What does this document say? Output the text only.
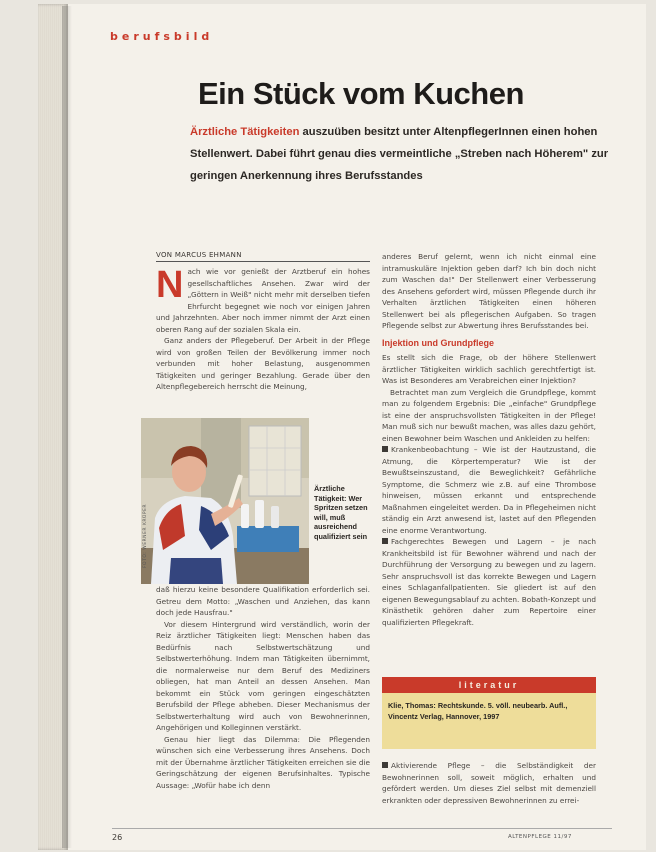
berufsbild
Ein Stück vom Kuchen
Ärztliche Tätigkeiten auszuüben besitzt unter AltenpflegerInnen einen hohen Stellenwert. Dabei führt genau dies vermeintliche „Streben nach Höherem" zur geringen Anerkennung ihres Berufsstandes
VON MARCUS EHMANN
N ach wie vor genießt der Arztberuf ein hohes gesellschaftliches Ansehen. Zwar wird der „Göttern in Weiß" nicht mehr mit derselben tiefen Ehrfurcht begegnet wie noch vor einigen Jahren und Jahrzehnten. Aber noch immer nimmt der Arzt einen oberen Rang auf der sozialen Skala ein.

Ganz anders der Pflegeberuf. Der Arbeit in der Pflege wird von großen Teilen der Bevölkerung immer noch verbunden mit hoher Belastung, ausgenommen Tätigkeiten und geringer Bezahlung. Gerade über den Altenpflegebereich herrscht die Meinung,

FOTO: WERNER KRÜPER
Ärztliche Tätigkeit: Wer Spritzen setzen will, muß ausreichend qualifiziert sein

daß hierzu keine besondere Qualifikation erforderlich sei. Getreu dem Motto: „Waschen und Anziehen, das kann doch jede Hausfrau."

Vor diesem Hintergrund wird verständlich, worin der Reiz ärztlicher Tätigkeiten liegt: Menschen haben das Bedürfnis nach Selbstwertschätzung und Selbstwerterhöhung. Indem man Tätigkeiten übernimmt, die normalerweise nur dem Beruf des Mediziners obliegen, hat man Anteil an dessen Ansehen. Man bekommt ein Stück vom geringen eingeschätzten Berufsbild der Pflege abheben. Dieser Mechanismus der Selbstwerterhaltung wird auch von Bewohnerinnen, Angehörigen und Kolleginnen verstärkt.

Genau hier liegt das Dilemma: Die Pflegenden wünschen sich eine Verbesserung ihres Ansehens. Doch mit der Übernahme ärztlicher Tätigkeiten erreichen sie die Geringschätzung der eigenen Berufsinhaltes. Typische Aussage: „Wofür habe ich denn

anderes Beruf gelernt, wenn ich nicht einmal eine intramuskuläre Injektion geben darf? Ich bin doch nicht zum Waschen da!" Der Stellenwert einer Verbesserung des Ansehens gefordert wird, müssen Pflegende durch ihr Verhalten ärztlichen Tätigkeiten einen höheren Stellenwert bei als pflegerischen Aufgaben. So tragen Pflegende selbst zur Abwertung ihres Berufsstandes bei.

Injektion und Grundpflege

Es stellt sich die Frage, ob der höhere Stellenwert ärztlicher Tätigkeiten wirklich sachlich gerechtfertigt ist. Was ist Besonderes am Verabreichen einer Injektion?

Betrachtet man zum Vergleich die Grundpflege, kommt man zu folgendem Ergebnis: Die „einfache" Grundpflege ist eine der anspruchsvollsten Tätigkeiten in der Pflege! Man muß sich nur bewußt machen, was alles dazu gehört, einen Bewohner beim Waschen und Ankleiden zu helfen:

Krankenbeobachtung – Wie ist der Hautzustand, die Atmung, die Körpertemperatur? Wie ist der Bewußtseinszustand, die Beweglichkeit? Gefährliche Symptome, die Schmerz wie z.B. auf eine Thrombose hinweisen, müssen erkannt und entsprechende Maßnahmen eingeleitet werden. Da in Pflegeheimen nicht ständig ein Arzt anwesend ist, lastet auf den Pflegenden eine enorme Verantwortung.

Fachgerechtes Bewegen und Lagern – je nach Krankheitsbild ist für Bewohner während und nach der Durchführung der Versorgung zu bewegen und zu lagern. Sehr anspruchsvoll ist das korrekte Bewegen und Lagern eines Schlaganfallpatienten. Sie gliedert ist auf den eigenen Bewegungsablauf zu achten. Bobath-Konzept und Kinästhetik gehören daher zum Repertoire einer qualifizierten Pflegekraft.

literatur
Klie, Thomas: Rechtskunde. 5. völl. neubearb. Aufl., Vincentz Verlag, Hannover, 1997

Aktivierende Pflege – die Selbständigkeit der Bewohnerinnen soll, soweit möglich, erhalten und gefördert werden. Um dieses Ziel selbst mit demenziell erkrankten oder depressiven Bewohnerinnen zu errei-

26	ALTENPFLEGE 11/97
